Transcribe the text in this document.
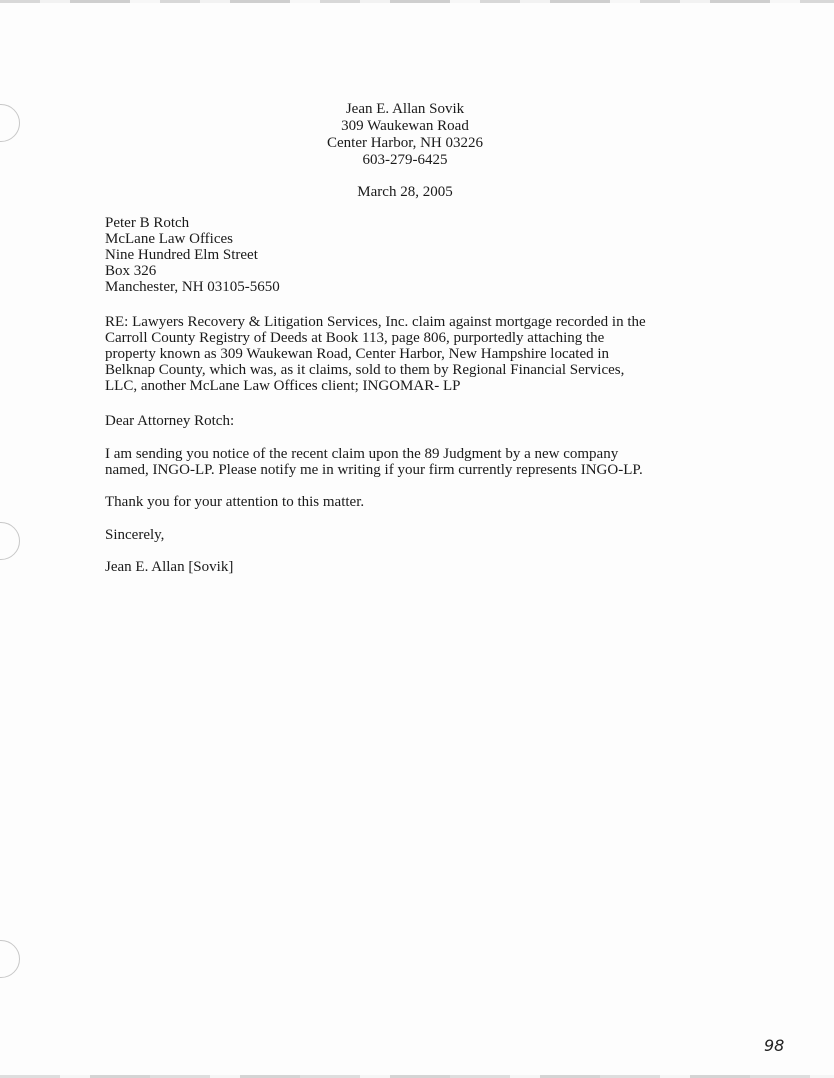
Jean E. Allan Sovik
309 Waukewan Road
Center Harbor, NH 03226
603-279-6425
March 28, 2005
Peter B Rotch
McLane Law Offices
Nine Hundred Elm Street
Box 326
Manchester, NH 03105-5650
RE: Lawyers Recovery & Litigation Services, Inc. claim against mortgage recorded in the
Carroll County Registry of Deeds at Book 113, page 806, purportedly attaching the
property known as 309 Waukewan Road, Center Harbor, New Hampshire located in
Belknap County, which was, as it claims, sold to them by Regional Financial Services,
LLC, another McLane Law Offices client; INGOMAR- LP
Dear Attorney Rotch:
I am sending you notice of the recent claim upon the 89 Judgment by a new company
named, INGO-LP. Please notify me in writing if your firm currently represents INGO-LP.
Thank you for your attention to this matter.
Sincerely,
Jean E. Allan [Sovik]
98
